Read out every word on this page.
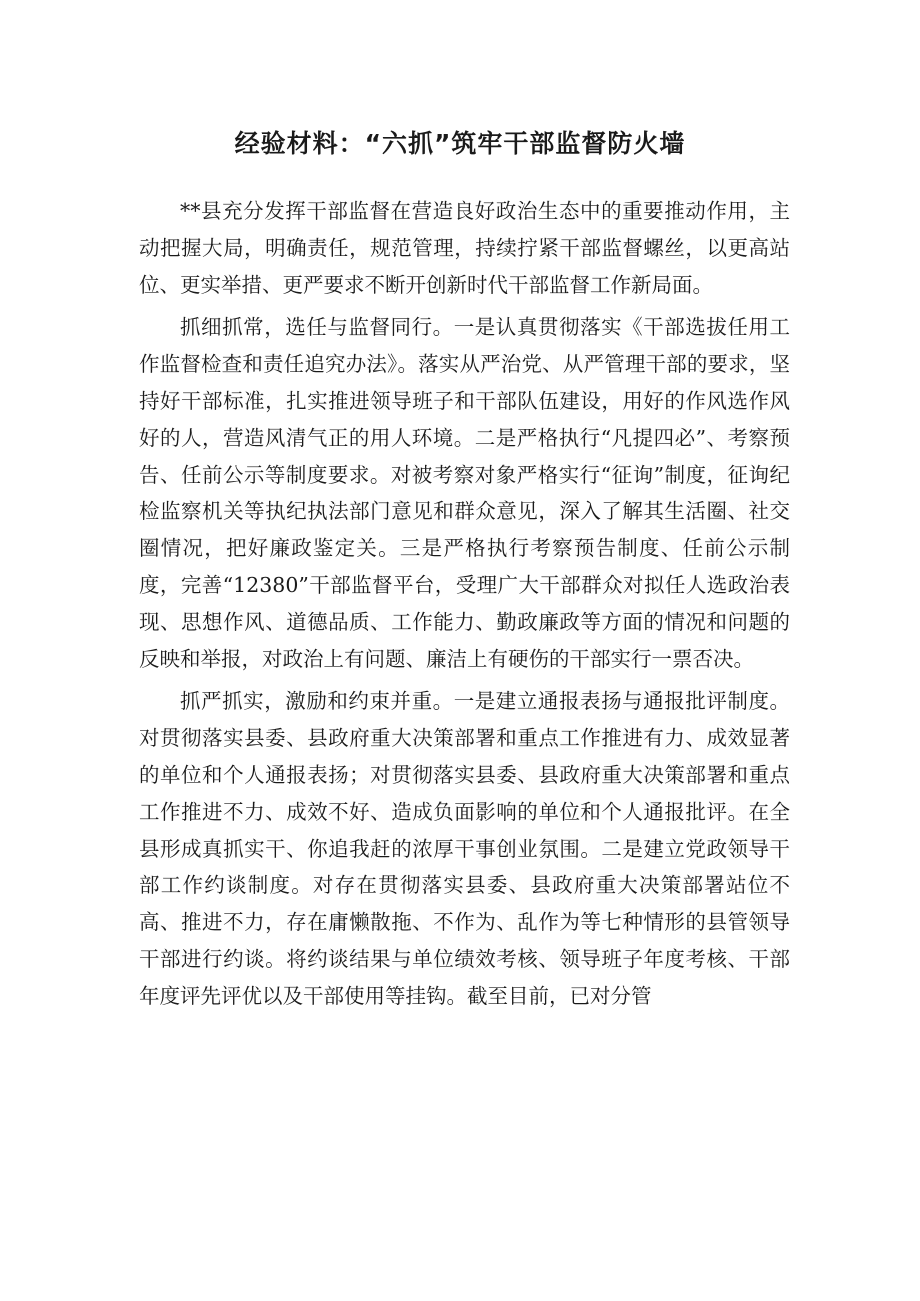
经验材料：“六抓”筑牢干部监督防火墙

**县充分发挥干部监督在营造良好政治生态中的重要推动作用，主动把握大局，明确责任，规范管理，持续拧紧干部监督螺丝，以更高站位、更实举措、更严要求不断开创新时代干部监督工作新局面。

抓细抓常，选任与监督同行。一是认真贯彻落实《干部选拔任用工作监督检查和责任追究办法》。落实从严治党、从严管理干部的要求，坚持好干部标准，扎实推进领导班子和干部队伍建设，用好的作风选作风好的人，营造风清气正的用人环境。二是严格执行“凡提四必”、考察预告、任前公示等制度要求。对被考察对象严格实行“征询”制度，征询纪检监察机关等执纪执法部门意见和群众意见，深入了解其生活圈、社交圈情况，把好廉政鉴定关。三是严格执行考察预告制度、任前公示制度，完善“12380”干部监督平台，受理广大干部群众对拟任人选政治表现、思想作风、道德品质、工作能力、勤政廉政等方面的情况和问题的反映和举报，对政治上有问题、廉洁上有硬伤的干部实行一票否决。

抓严抓实，激励和约束并重。一是建立通报表扬与通报批评制度。对贯彻落实县委、县政府重大决策部署和重点工作推进有力、成效显著的单位和个人通报表扬；对贯彻落实县委、县政府重大决策部署和重点工作推进不力、成效不好、造成负面影响的单位和个人通报批评。在全县形成真抓实干、你追我赶的浓厚干事创业氛围。二是建立党政领导干部工作约谈制度。对存在贯彻落实县委、县政府重大决策部署站位不高、推进不力，存在庸懒散拖、不作为、乱作为等七种情形的县管领导干部进行约谈。将约谈结果与单位绩效考核、领导班子年度考核、干部年度评先评优以及干部使用等挂钩。截至目前，已对分管
